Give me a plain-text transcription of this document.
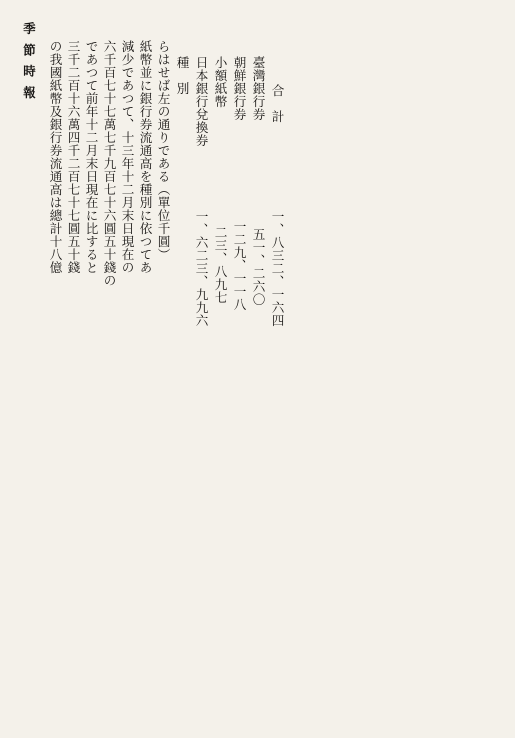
季節時報 の我國紙幣及銀行券流通高は總計十八億 三千二百十六萬四千二百七十七圓五十錢 であつて前年十二月末日現在に比すると 六千百七十七萬七千九百七十六圓五十錢の 減少であつて、十三年十二月末日現在の 紙幣並に銀行券流通高を種別に依つてあ らはせば左の通りである（單位千圓） 種　別 日本銀行兌換券
一、六二三、九九六
小額紙幣
二三、八九七
朝鮮銀行券
一二九、一一八
臺灣銀行券
五一、二六〇
合　計
一、八三二、一六四
